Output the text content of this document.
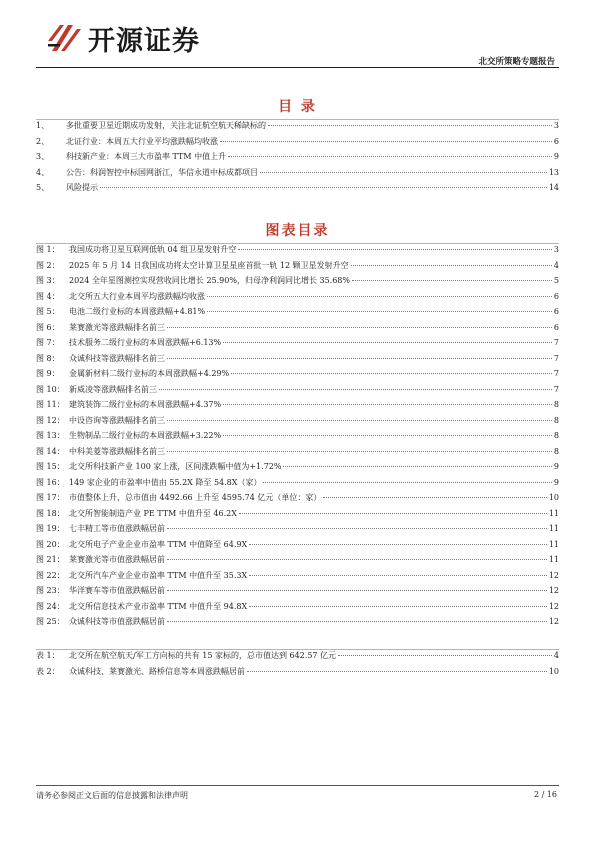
开源证券
北交所策略专题报告
目 录
1、	多批重要卫星近期成功发射，关注北证航空航天稀缺标的	3
2、	北证行业：本周五大行业平均涨跌幅均收涨	6
3、	科技新产业：本周三大市盈率 TTM 中值上升	9
4、	公告：科润智控中标国网浙江，华信永道中标成都项目	13
5、	风险提示	14
图表目录
图 1：	我国成功将卫星互联网低轨 04 组卫星发射升空	3
图 2：	2025 年 5 月 14 日我国成功将太空计算卫星星座首批一轨 12 颗卫星发射升空	4
图 3：	2024 全年星图测控实现营收同比增长 25.90%，归母净利润同比增长 35.68%	5
图 4：	北交所五大行业本周平均涨跌幅均收涨	6
图 5：	电池二级行业标的本周涨跌幅+4.81%	6
图 6：	莱赛激光等涨跌幅排名前三	6
图 7：	技术服务二级行业标的本周涨跌幅+6.13%	7
图 8：	众诚科技等涨跌幅排名前三	7
图 9：	金属新材料二级行业标的本周涨跌幅+4.29%	7
图 10： 新威凌等涨跌幅排名前三	7
图 11： 建筑装饰二级行业标的本周涨跌幅+4.37%	8
图 12： 中设咨询等涨跌幅排名前三	8
图 13： 生物制品二级行业标的本周涨跌幅+3.22%	8
图 14： 中科美菱等涨跌幅排名前三	8
图 15： 北交所科技新产业 100 家上涨，区间涨跌幅中值为+1.72%	9
图 16： 149 家企业的市盈率中值由 55.2X 降至 54.8X（家）	9
图 17： 市值整体上升，总市值由 4492.66 上升至 4595.74 亿元（单位：家）	10
图 18： 北交所智能制造产业 PE TTM 中值升至 46.2X	11
图 19： 七丰精工等市值涨跌幅居前	11
图 20： 北交所电子产业企业市盈率 TTM 中值降至 64.9X	11
图 21： 莱赛激光等市值涨跌幅居前	11
图 22： 北交所汽车产业企业市盈率 TTM 中值升至 35.3X	12
图 23： 华洋赛车等市值涨跌幅居前	12
图 24： 北交所信息技术产业市盈率 TTM 中值升至 94.8X	12
图 25： 众诚科技等市值涨跌幅居前	12
表 1：	北交所在航空航天/军工方向标的共有 15 家标的，总市值达到 642.57 亿元	4
表 2：	众诚科技、莱赛激光、路桥信息等本周涨跌幅居前	10
请务必参阅正文后面的信息披露和法律声明	2 / 16
